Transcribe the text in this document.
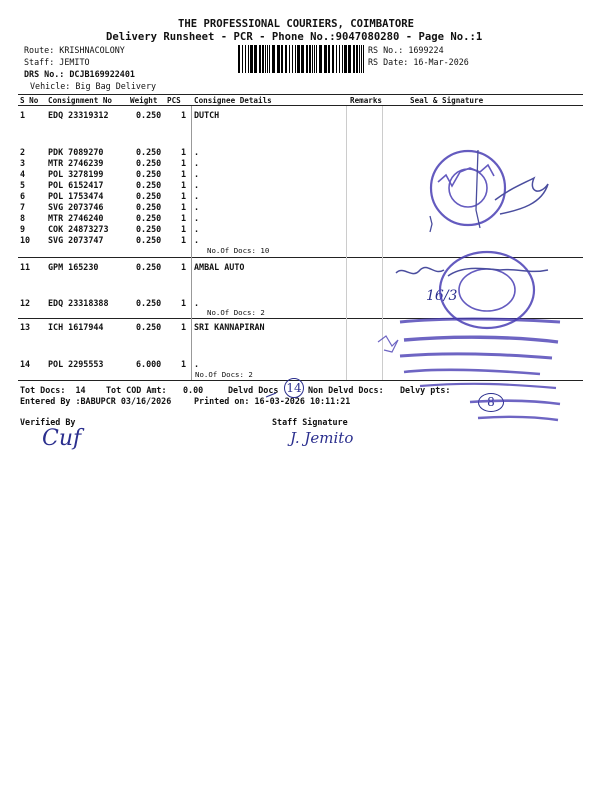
THE PROFESSIONAL COURIERS, COIMBATORE
Delivery Runsheet - PCR - Phone No.:9047080280 - Page No.:1
Route: KRISHNACOLONY
Staff: JEMITO
DRS No.: DCJB169922401
Vehicle: Big Bag Delivery
RS No.: 1699224
RS Date: 16-Mar-2026
S No Consignment No Weight PCS Consignee Details	Remarks	Seal & Signature
1	EDQ 23319312	0.250 1 DUTCH
2	PDK 7089270	0.250 1 .
3	MTR 2746239	0.250 1 .
4	POL 3278199	0.250 1 .
5	POL 6152417	0.250 1 .
6	POL 1753474	0.250 1 .
7	SVG 2073746	0.250 1 .
8	MTR 2746240	0.250 1 .
9	COK 24873273	0.250 1 .
10 SVG 2073747	0.250 1 .
11 GPM 165230	0.250 1 AMBAL AUTO
12 EDQ 23318388	0.250 1 .
13 ICH 1617944	0.250 1 SRI KANNAPIRAN
14 POL 2295553	6.000 1 .
No.Of Docs: 10
No.Of Docs: 2
No.Of Docs: 2
Tot Docs:  14 Tot COD Amt: 0.00	Delvd Docs	Non Delvd Docs: Delvy pts:
Entered By :BABUPCR 03/16/2026	Printed on: 16-03-2026 10:11:21
Verified By	Staff Signature
14
8
J. Jemito
Cuf
16/3
